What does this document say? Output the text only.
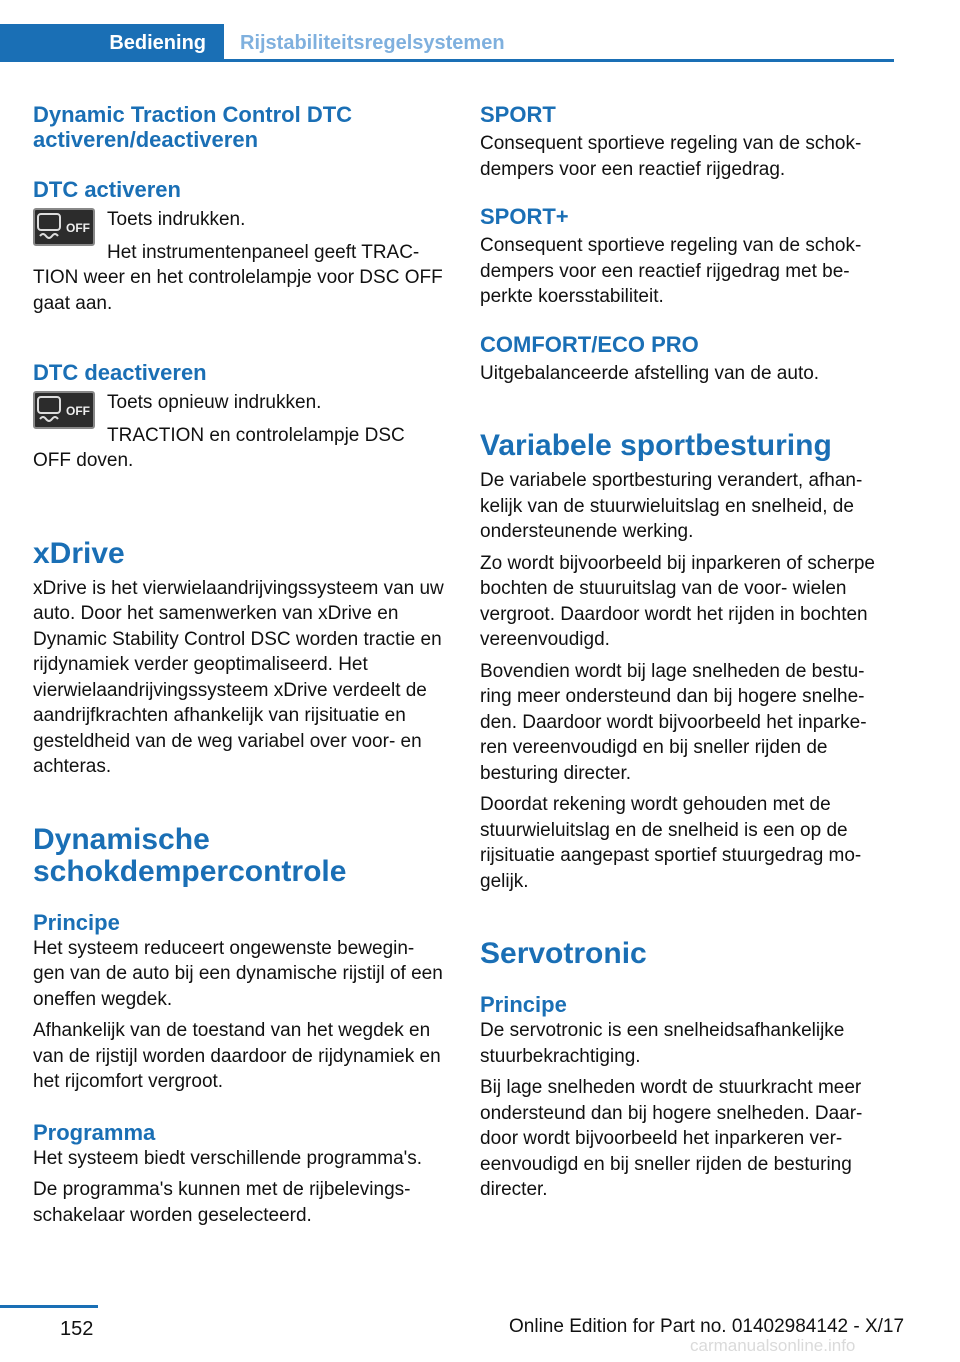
Bediening	Rijstabiliteitsregelsystemen
Dynamic Traction Control DTC activeren/deactiveren
DTC activeren
OFF Toets indrukken.

Het instrumentenpaneel geeft TRAC‐

TION weer en het controlelampje voor DSC OFF gaat aan.

DTC deactiveren
OFF Toets opnieuw indrukken.

TRACTION en controlelampje DSC

OFF doven.

xDrive

xDrive is het vierwielaandrijvingssysteem van uw auto. Door het samenwerken van xDrive en Dynamic Stability Control DSC worden tractie en rijdynamiek verder geoptimaliseerd. Het vierwielaandrijvingssysteem xDrive verdeelt de aandrijfkrachten afhankelijk van rijsituatie en gesteldheid van de weg variabel over voor- en achteras.

Dynamische
schokdempercontrole
Principe

Het systeem reduceert ongewenste bewegin‐ gen van de auto bij een dynamische rijstijl of een oneffen wegdek.

Afhankelijk van de toestand van het wegdek en van de rijstijl worden daardoor de rijdynamiek en het rijcomfort vergroot.

Programma

Het systeem biedt verschillende programma's.

De programma's kunnen met de rijbelevings‐ schakelaar worden geselecteerd.

SPORT

Consequent sportieve regeling van de schok‐ dempers voor een reactief rijgedrag.

SPORT+

Consequent sportieve regeling van de schok‐ dempers voor een reactief rijgedrag met be‐ perkte koersstabiliteit.

COMFORT/ECO PRO

Uitgebalanceerde afstelling van de auto.

Variabele sportbesturing

De variabele sportbesturing verandert, afhan‐ kelijk van de stuurwieluitslag en snelheid, de ondersteunende werking.

Zo wordt bijvoorbeeld bij inparkeren of scherpe bochten de stuuruitslag van de voor‐ wielen vergroot. Daardoor wordt het rijden in bochten vereenvoudigd.

Bovendien wordt bij lage snelheden de bestu‐ ring meer ondersteund dan bij hogere snelhe‐ den. Daardoor wordt bijvoorbeeld het inparke‐ ren vereenvoudigd en bij sneller rijden de besturing directer.

Doordat rekening wordt gehouden met de stuurwieluitslag en de snelheid is een op de rijsituatie aangepast sportief stuurgedrag mo‐ gelijk.

Servotronic
Principe

De servotronic is een snelheidsafhankelijke stuurbekrachtiging.

Bij lage snelheden wordt de stuurkracht meer ondersteund dan bij hogere snelheden. Daar‐ door wordt bijvoorbeeld het inparkeren ver‐ eenvoudigd en bij sneller rijden de besturing directer.

152	Online Edition for Part no. 01402984142 - X/17
carmanualsonline.info
